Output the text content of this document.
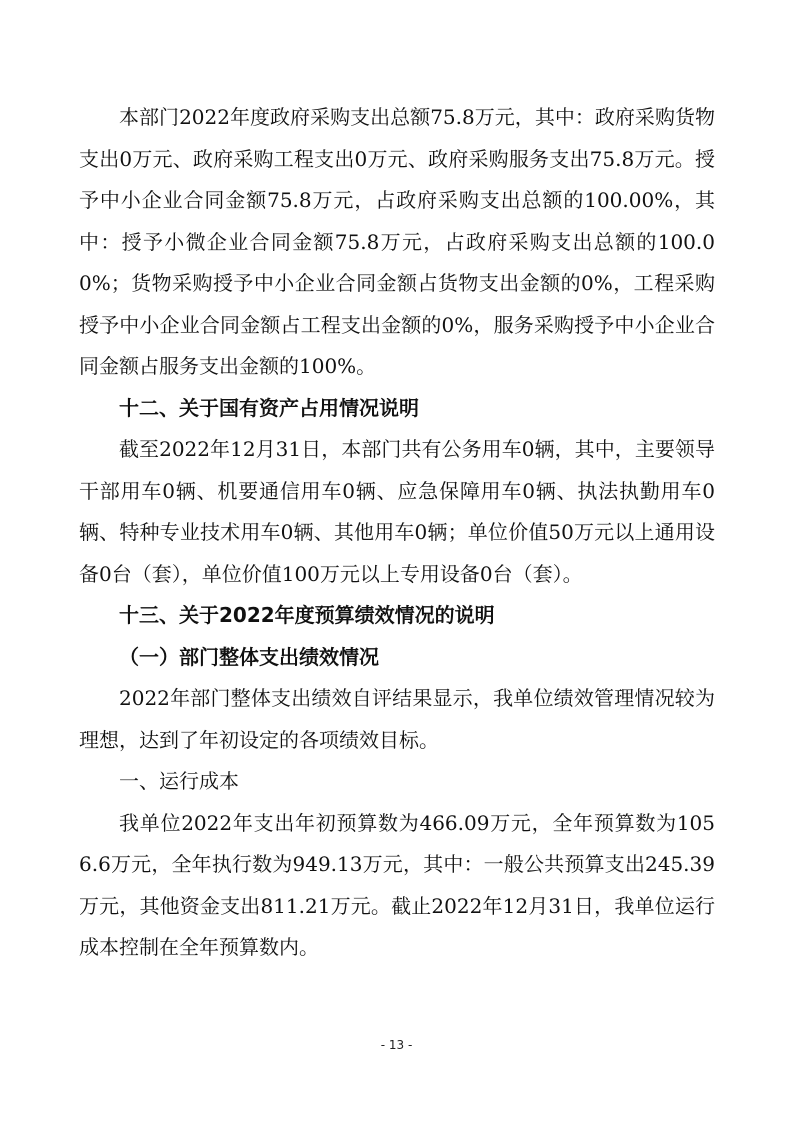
本部门2022年度政府采购支出总额75.8万元，其中：政府采购货物支出0万元、政府采购工程支出0万元、政府采购服务支出75.8万元。授予中小企业合同金额75.8万元，占政府采购支出总额的100.00%，其中：授予小微企业合同金额75.8万元，占政府采购支出总额的100.00%；货物采购授予中小企业合同金额占货物支出金额的0%，工程采购授予中小企业合同金额占工程支出金额的0%，服务采购授予中小企业合同金额占服务支出金额的100%。

十二、关于国有资产占用情况说明

截至2022年12月31日，本部门共有公务用车0辆，其中，主要领导干部用车0辆、机要通信用车0辆、应急保障用车0辆、执法执勤用车0辆、特种专业技术用车0辆、其他用车0辆；单位价值50万元以上通用设备0台（套），单位价值100万元以上专用设备0台（套）。

十三、关于2022年度预算绩效情况的说明

（一）部门整体支出绩效情况

2022年部门整体支出绩效自评结果显示，我单位绩效管理情况较为理想，达到了年初设定的各项绩效目标。

一、运行成本

我单位2022年支出年初预算数为466.09万元，全年预算数为1056.6万元，全年执行数为949.13万元，其中：一般公共预算支出245.39万元，其他资金支出811.21万元。截止2022年12月31日，我单位运行成本控制在全年预算数内。

- 13 -
